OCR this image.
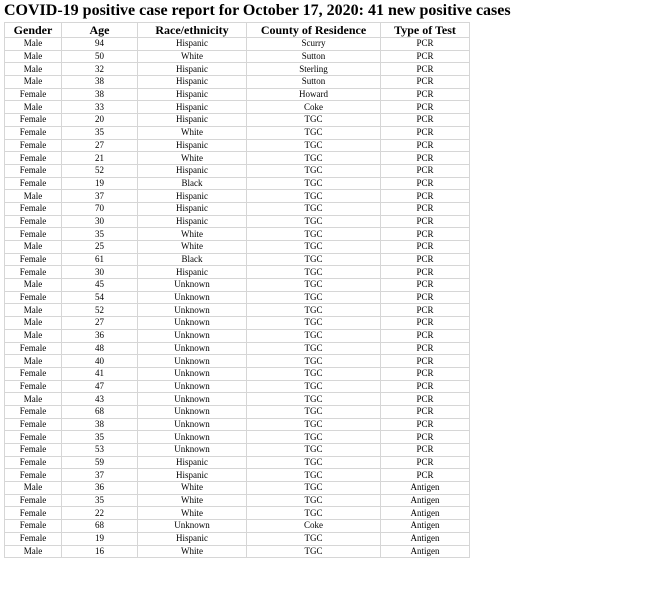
COVID-19 positive case report for October 17, 2020: 41 new positive cases
Gender	Age	Race/ethnicity	County of Residence	Type of Test
Male	94	Hispanic	Scurry	PCR
Male	50	White	Sutton	PCR
Male	32	Hispanic	Sterling	PCR
Male	38	Hispanic	Sutton	PCR
Female	38	Hispanic	Howard	PCR
Male	33	Hispanic	Coke	PCR
Female	20	Hispanic	TGC	PCR
Female	35	White	TGC	PCR
Female	27	Hispanic	TGC	PCR
Female	21	White	TGC	PCR
Female	52	Hispanic	TGC	PCR
Female	19	Black	TGC	PCR
Male	37	Hispanic	TGC	PCR
Female	70	Hispanic	TGC	PCR
Female	30	Hispanic	TGC	PCR
Female	35	White	TGC	PCR
Male	25	White	TGC	PCR
Female	61	Black	TGC	PCR
Female	30	Hispanic	TGC	PCR
Male	45	Unknown	TGC	PCR
Female	54	Unknown	TGC	PCR
Male	52	Unknown	TGC	PCR
Male	27	Unknown	TGC	PCR
Male	36	Unknown	TGC	PCR
Female	48	Unknown	TGC	PCR
Male	40	Unknown	TGC	PCR
Female	41	Unknown	TGC	PCR
Female	47	Unknown	TGC	PCR
Male	43	Unknown	TGC	PCR
Female	68	Unknown	TGC	PCR
Female	38	Unknown	TGC	PCR
Female	35	Unknown	TGC	PCR
Female	53	Unknown	TGC	PCR
Female	59	Hispanic	TGC	PCR
Female	37	Hispanic	TGC	PCR
Male	36	White	TGC	Antigen
Female	35	White	TGC	Antigen
Female	22	White	TGC	Antigen
Female	68	Unknown	Coke	Antigen
Female	19	Hispanic	TGC	Antigen
Male	16	White	TGC	Antigen
